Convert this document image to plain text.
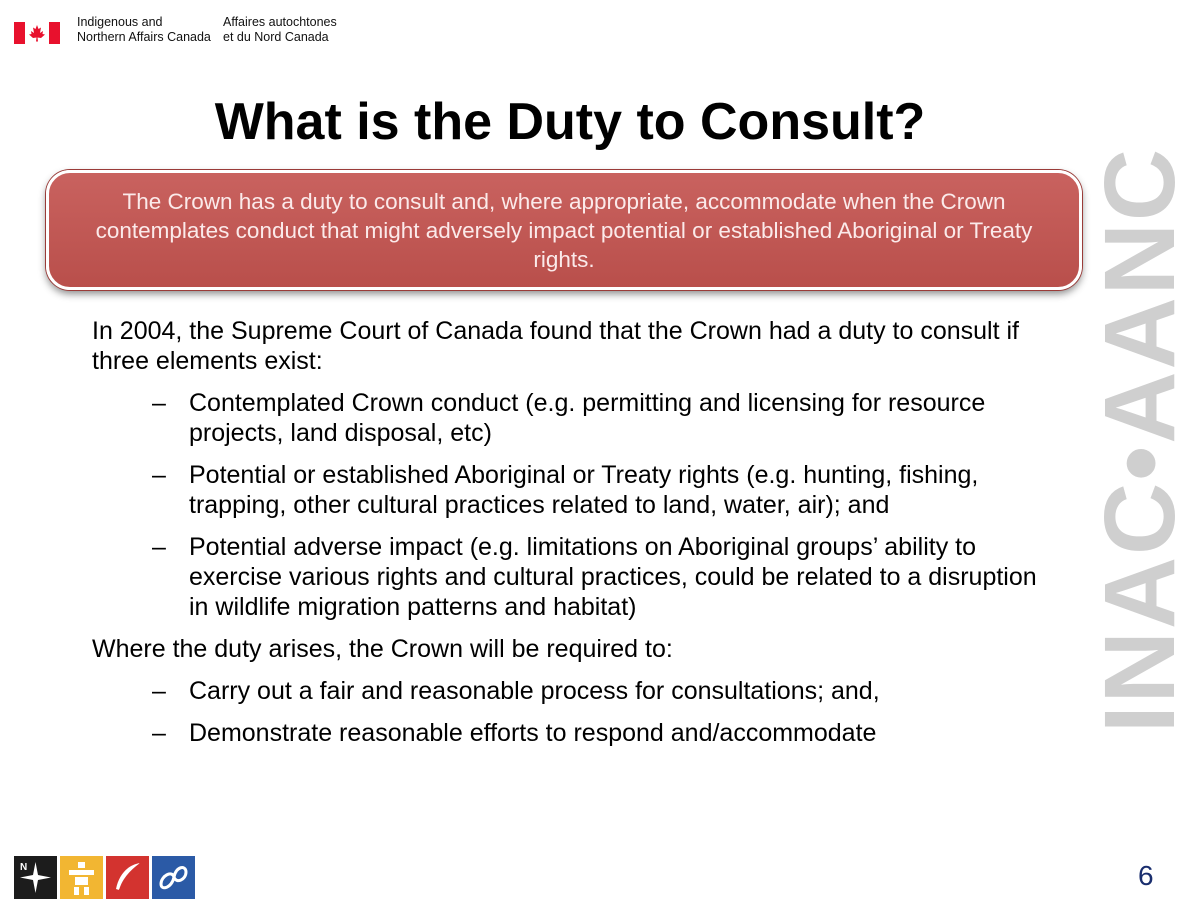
Indigenous and
Northern Affairs Canada
Affaires autochtones
et du Nord Canada
INAC•AANC
What is the Duty to Consult?
The Crown has a duty to consult and, where appropriate, accommodate when the Crown contemplates conduct that might adversely impact potential or established Aboriginal or Treaty rights.
In 2004, the Supreme Court of Canada found that the Crown had a duty to consult if three elements exist:
– Contemplated Crown conduct (e.g. permitting and licensing for resource projects, land disposal, etc)
– Potential or established Aboriginal or Treaty rights (e.g. hunting, fishing, trapping, other cultural practices related to land, water, air); and
– Potential adverse impact (e.g. limitations on Aboriginal groups’ ability to exercise various rights and cultural practices, could be related to a disruption in wildlife migration patterns and habitat)
Where the duty arises, the Crown will be required to:
– Carry out a fair and reasonable process for consultations; and,
– Demonstrate reasonable efforts to respond and/accommodate
N	6
